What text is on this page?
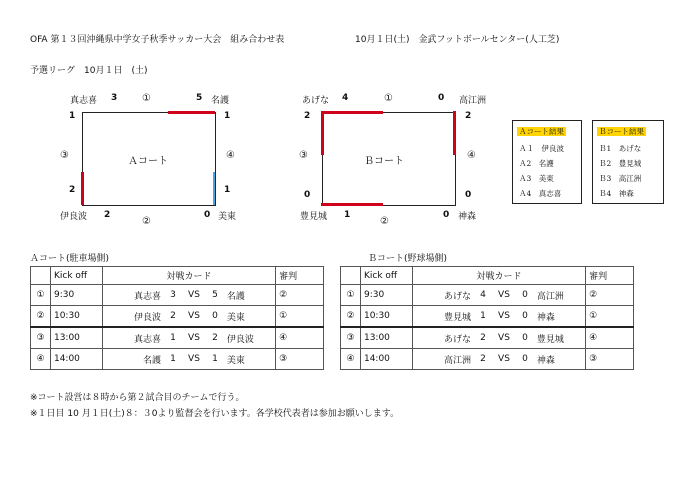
OFA 第１３回沖縄県中学女子秋季サッカー大会　組み合わせ表	10月１日(土)　金武フットボールセンター(人工芝)
予選リーグ　10月１日　(土)
真志喜 3 ①	5 名護
1	1
③
Ａコート
④
2	1
伊良波 2
②
0 美東
あげな 4	①	0 高江洲
2	2
③
Ｂコート
④
0	0
豊見城 1
②
0 神森
Ａコート結果
Ａ１　伊良波
Ａ2　名護
Ａ3　美東
Ａ4　真志喜
Ｂコート結果
Ｂ1　あげな
Ｂ2　豊見城
Ｂ3　高江洲
Ｂ4　神森
Ａコート(駐車場側)
	Kick off	対戦カード					審判
①	9:30	真志喜	3	VS	5	名護	②
②	10:30	伊良波	2	VS	0	美東	①
③	13:00	真志喜	1	VS	2	伊良波	④
④	14:00	名護	1	VS	1	美東	③
Ｂコート(野球場側)
	Kick off	対戦カード					審判
①	9:30	あげな	4	VS	0	高江洲	②
②	10:30	豊見城	1	VS	0	神森	①
③	13:00	あげな	2	VS	0	豊見城	④
④	14:00	高江洲	2	VS	0	神森	③
※コート設営は８時から第２試合目のチームで行う。
※１日目 10 月１日(土)８：３0より監督会を行います。各学校代表者は参加お願いします。
